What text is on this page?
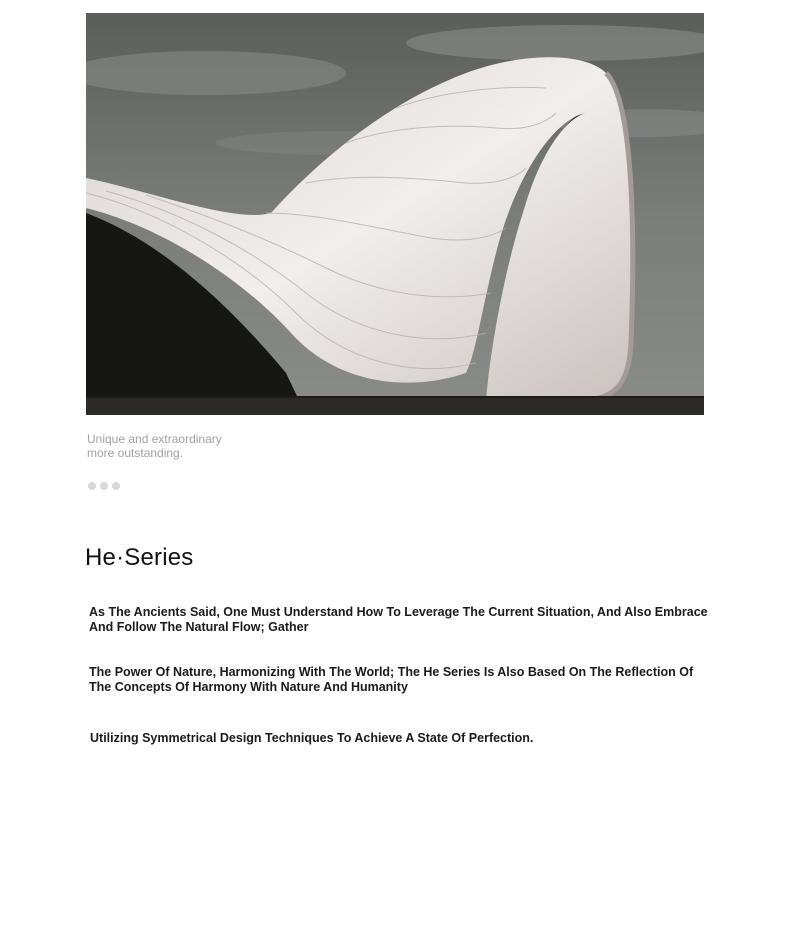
Unique and extraordinary
more outstanding.
He·Series
As The Ancients Said, One Must Understand How To Leverage The Current Situation, And Also Embrace And Follow The Natural Flow; Gather
The Power Of Nature, Harmonizing With The World; The He Series Is Also Based On The Reflection Of The Concepts Of Harmony With Nature And Humanity
Utilizing Symmetrical Design Techniques To Achieve A State Of Perfection.
